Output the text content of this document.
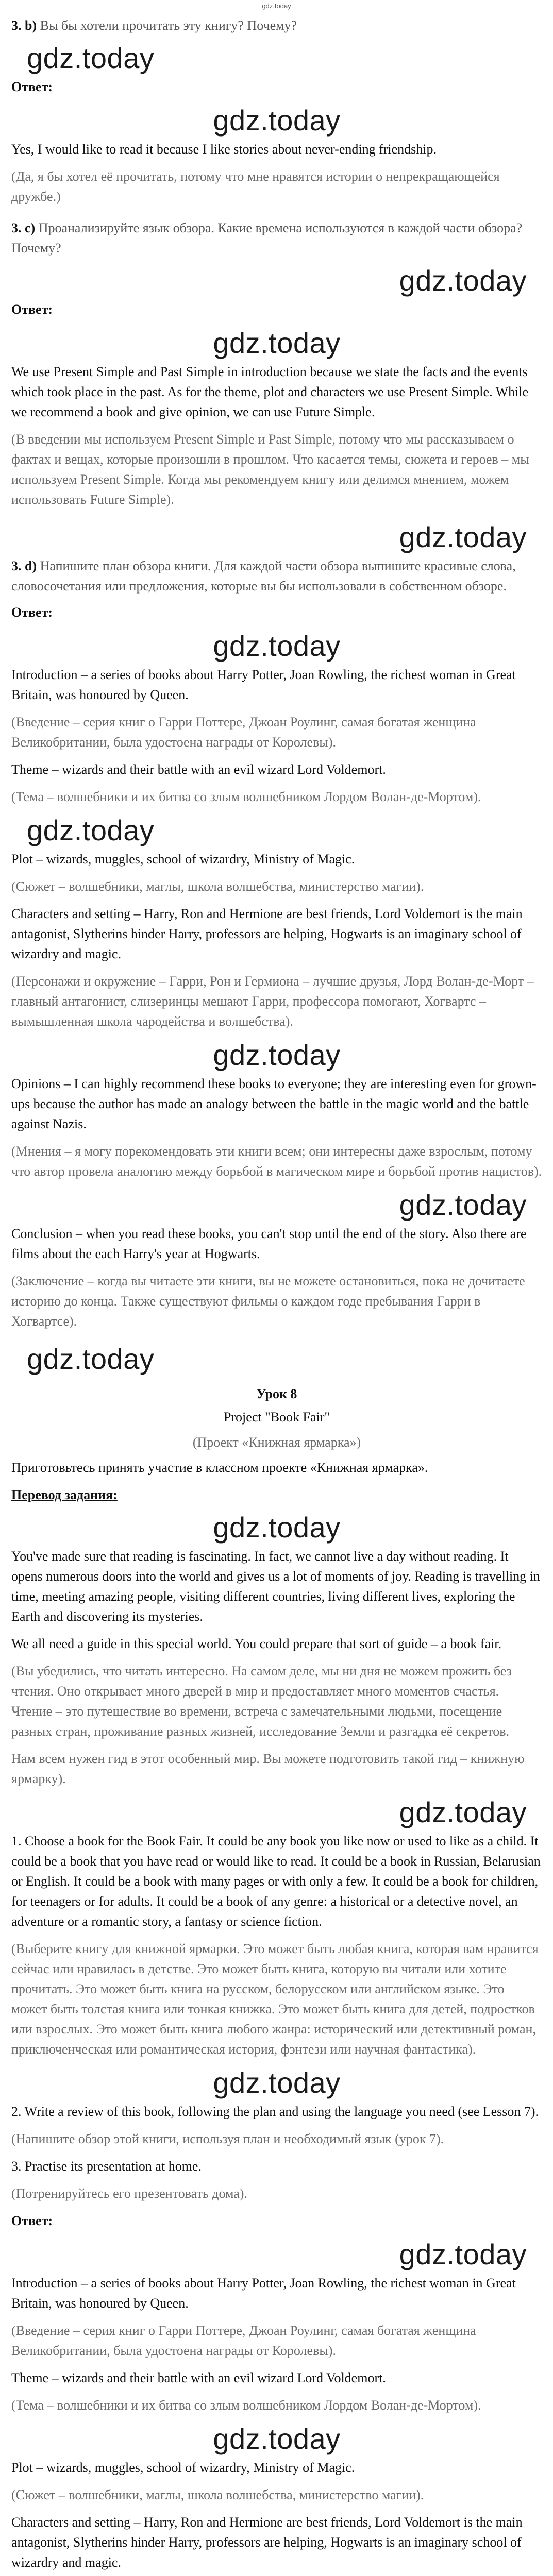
gdz.today
3. b) Вы бы хотели прочитать эту книгу? Почему?
gdz.today
Ответ:
gdz.today
Yes, I would like to read it because I like stories about never-ending friendship.
(Да, я бы хотел её прочитать, потому что мне нравятся истории о непрекращающейся дружбе.)
3. c) Проанализируйте язык обзора. Какие времена используются в каждой части обзора? Почему?
gdz.today
Ответ:
gdz.today
We use Present Simple and Past Simple in introduction because we state the facts and the events which took place in the past. As for the theme, plot and characters we use Present Simple. While we recommend a book and give opinion, we can use Future Simple.
(В введении мы используем Present Simple и Past Simple, потому что мы рассказываем о фактах и вещах, которые произошли в прошлом. Что касается темы, сюжета и героев – мы используем Present Simple. Когда мы рекомендуем книгу или делимся мнением, можем использовать Future Simple).
gdz.today
3. d) Напишите план обзора книги. Для каждой части обзора выпишите красивые слова, словосочетания или предложения, которые вы бы использовали в собственном обзоре.
Ответ:
gdz.today
Introduction – a series of books about Harry Potter, Joan Rowling, the richest woman in Great Britain, was honoured by Queen.
(Введение – серия книг о Гарри Поттере, Джоан Роулинг, самая богатая женщина Великобритании, была удостоена награды от Королевы).
Theme – wizards and their battle with an evil wizard Lord Voldemort.
(Тема – волшебники и их битва со злым волшебником Лордом Волан-де-Мортом).
gdz.today
Plot – wizards, muggles, school of wizardry, Ministry of Magic.
(Сюжет – волшебники, маглы, школа волшебства, министерство магии).
Characters and setting – Harry, Ron and Hermione are best friends, Lord Voldemort is the main antagonist, Slytherins hinder Harry, professors are helping, Hogwarts is an imaginary school of wizardry and magic.
(Персонажи и окружение – Гарри, Рон и Гермиона – лучшие друзья, Лорд Волан-де-Морт – главный антагонист, слизеринцы мешают Гарри, профессора помогают, Хогвартс – вымышленная школа чародейства и волшебства).
gdz.today
Opinions – I can highly recommend these books to everyone; they are interesting even for grown-ups because the author has made an analogy between the battle in the magic world and the battle against Nazis.
(Мнения – я могу порекомендовать эти книги всем; они интересны даже взрослым, потому что автор провела аналогию между борьбой в магическом мире и борьбой против нацистов).
gdz.today
Conclusion – when you read these books, you can't stop until the end of the story. Also there are films about the each Harry's year at Hogwarts.
(Заключение – когда вы читаете эти книги, вы не можете остановиться, пока не дочитаете историю до конца. Также существуют фильмы о каждом годе пребывания Гарри в Хогвартсе).
gdz.today
Урок 8
Project "Book Fair"
(Проект «Книжная ярмарка»)
Приготовьтесь принять участие в классном проекте «Книжная ярмарка».
Перевод задания:
gdz.today
You've made sure that reading is fascinating. In fact, we cannot live a day without reading. It opens numerous doors into the world and gives us a lot of moments of joy. Reading is travelling in time, meeting amazing people, visiting different countries, living different lives, exploring the Earth and discovering its mysteries.
We all need a guide in this special world. You could prepare that sort of guide – a book fair.
(Вы убедились, что читать интересно. На самом деле, мы ни дня не можем прожить без чтения. Оно открывает много дверей в мир и предоставляет много моментов счастья. Чтение – это путешествие во времени, встреча с замечательными людьми, посещение разных стран, проживание разных жизней, исследование Земли и разгадка её секретов.
Нам всем нужен гид в этот особенный мир. Вы можете подготовить такой гид – книжную ярмарку).
gdz.today
1. Choose a book for the Book Fair. It could be any book you like now or used to like as a child. It could be a book that you have read or would like to read. It could be a book in Russian, Belarusian or English. It could be a book with many pages or with only a few. It could be a book for children, for teenagers or for adults. It could be a book of any genre: a historical or a detective novel, an adventure or a romantic story, a fantasy or science fiction.
(Выберите книгу для книжной ярмарки. Это может быть любая книга, которая вам нравится сейчас или нравилась в детстве. Это может быть книга, которую вы читали или хотите прочитать. Это может быть книга на русском, белорусском или английском языке. Это может быть толстая книга или тонкая книжка. Это может быть книга для детей, подростков или взрослых. Это может быть книга любого жанра: исторический или детективный роман, приключенческая или романтическая история, фэнтези или научная фантастика).
gdz.today
2. Write a review of this book, following the plan and using the language you need (see Lesson 7).
(Напишите обзор этой книги, используя план и необходимый язык (урок 7).
3. Practise its presentation at home.
(Потренируйтесь его презентовать дома).
Ответ:
gdz.today
Introduction – a series of books about Harry Potter, Joan Rowling, the richest woman in Great Britain, was honoured by Queen.
(Введение – серия книг о Гарри Поттере, Джоан Роулинг, самая богатая женщина Великобритании, была удостоена награды от Королевы).
Theme – wizards and their battle with an evil wizard Lord Voldemort.
(Тема – волшебники и их битва со злым волшебником Лордом Волан-де-Мортом).
gdz.today
Plot – wizards, muggles, school of wizardry, Ministry of Magic.
(Сюжет – волшебники, маглы, школа волшебства, министерство магии).
Characters and setting – Harry, Ron and Hermione are best friends, Lord Voldemort is the main antagonist, Slytherins hinder Harry, professors are helping, Hogwarts is an imaginary school of wizardry and magic.
